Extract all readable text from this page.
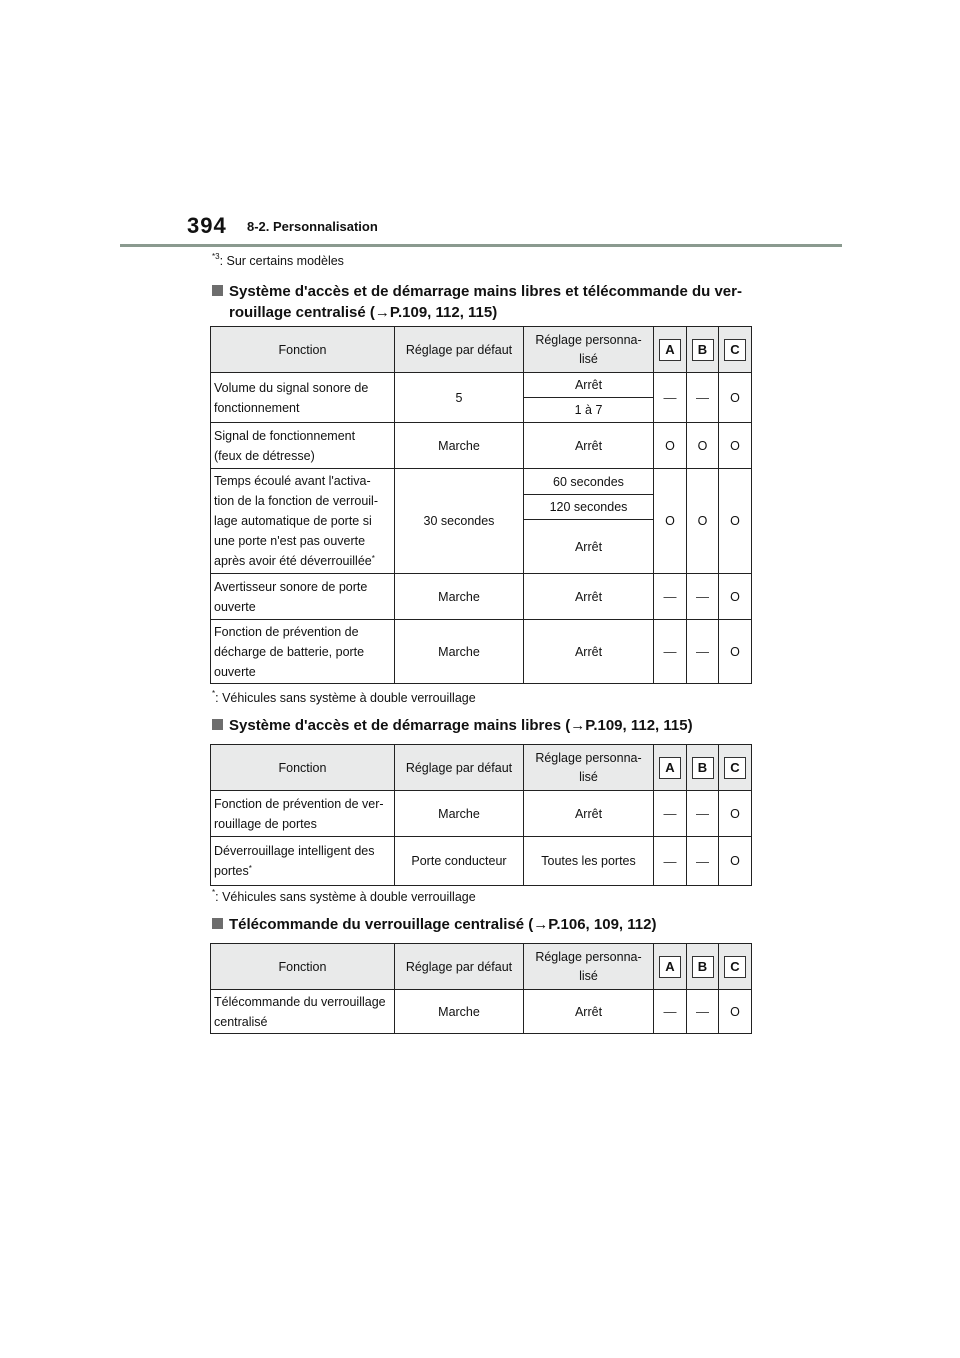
394 8-2. Personnalisation
$^{*3}$: Sur certains modèles
Système d'accès et de démarrage mains libres et télécommande du ver-
rouillage centralisé (→P.109, 112, 115)
Fonction	Réglage par défaut	Réglage personna-
lisé	A	B	C

Volume du signal sonore de
fonctionnement	5	Arrêt	—	—	O
		1 à 7			

Signal de fonctionnement
(feux de détresse)	Marche	Arrêt	O	O	O

Temps écoulé avant l'activa-
tion de la fonction de verrouil-
lage automatique de porte si
une porte n'est pas ouverte
après avoir été déverrouillée*	30 secondes	60 secondes	O	O	O
		120 secondes			
		Arrêt			

Avertisseur sonore de porte
ouverte	Marche	Arrêt	—	—	O

Fonction de prévention de
décharge de batterie, porte
ouverte	Marche	Arrêt	—	—	O
*: Véhicules sans système à double verrouillage
Système d'accès et de démarrage mains libres (→P.109, 112, 115)
Fonction	Réglage par défaut	Réglage personna-
lisé	A	B	C

Fonction de prévention de ver-
rouillage de portes	Marche	Arrêt	—	—	O

Déverrouillage intelligent des
portes*	Porte conducteur	Toutes les portes	—	—	O
*: Véhicules sans système à double verrouillage
Télécommande du verrouillage centralisé (→P.106, 109, 112)
Fonction	Réglage par défaut	Réglage personna-
lisé	A	B	C

Télécommande du verrouillage
centralisé	Marche	Arrêt	—	—	O
